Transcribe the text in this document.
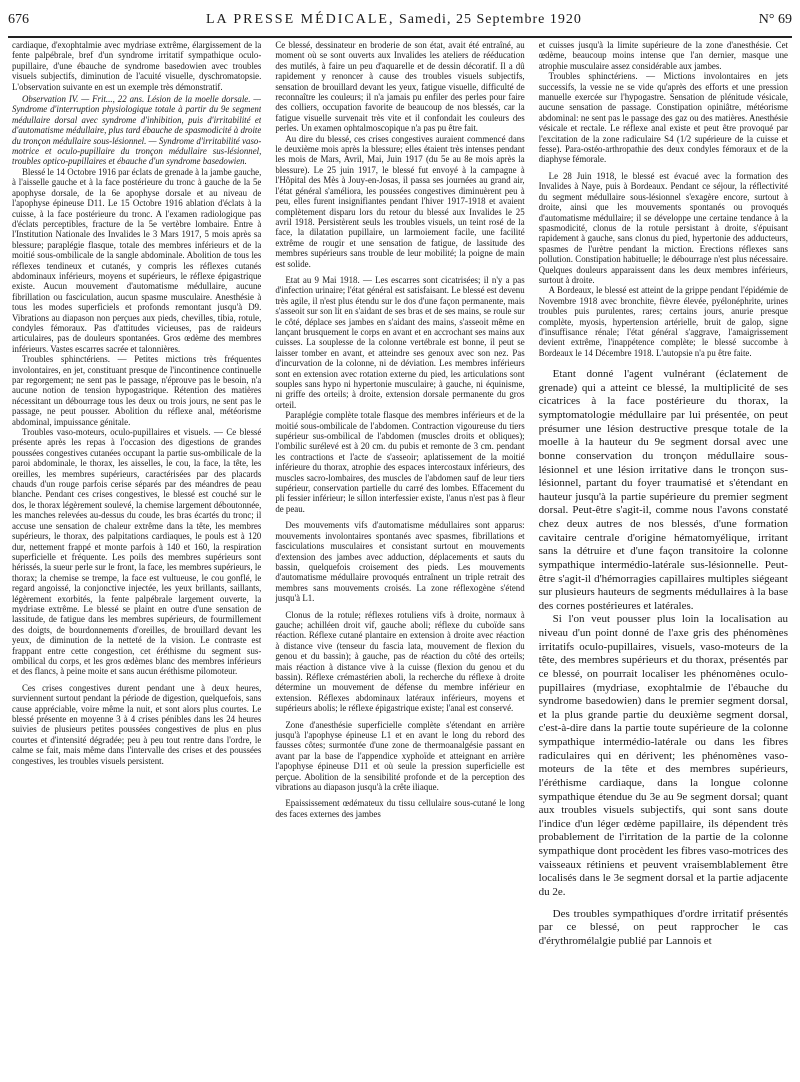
676	LA PRESSE MÉDICALE, Samedi, 25 Septembre 1920	N° 69

cardiaque, d'exophtalmie avec mydriase extrême, élargissement de la fente palpébrale, bref d'un syndrome irritatif sympathique oculo-pupillaire, d'une ébauche de syndrome basedowien avec troubles visuels subjectifs, diminution de l'acuité visuelle, dyschromatopsie. L'observation suivante en est un exemple très démonstratif.

Observation IV. — Frit..., 22 ans. Lésion de la moelle dorsale. — Syndrome d'interruption physiologique totale à partir du 9e segment médullaire dorsal avec syndrome d'inhibition, puis d'irritabilité et d'automatisme médullaire, plus tard ébauche de spasmodicité à droite du tronçon médullaire sous-lésionnel. — Syndrome d'irritabilité vaso-motrice et oculo-pupillaire du tronçon médullaire sus-lésionnel, troubles optico-pupillaires et ébauche d'un syndrome basedowien.

Blessé le 14 Octobre 1916 par éclats de grenade à la jambe gauche, à l'aisselle gauche et à la face postérieure du tronc à gauche de la 5e apophyse dorsale, de la 6e apophyse dorsale et au niveau de l'apophyse épineuse D11. Le 15 Octobre 1916 ablation d'éclats à la cuisse, à la face postérieure du tronc. A l'examen radiologique pas d'éclats perceptibles, fracture de la 5e vertèbre lombaire. Entre à l'Institution Nationale des Invalides le 3 Mars 1917, 5 mois après sa blessure; paraplégie flasque, totale des membres inférieurs et de la moitié sous-ombilicale de la sangle abdominale. Abolition de tous les réflexes tendineux et cutanés, y compris les réflexes cutanés abdominaux inférieurs, moyens et supérieurs, le réflexe épigastrique existe. Aucun mouvement d'automatisme médullaire, aucune fibrillation ou fasciculation, aucun spasme musculaire. Anesthésie à tous les modes superficiels et profonds remontant jusqu'à D9. Vibrations au diapason non perçues aux pieds, chevilles, tibia, rotule, condyles fémoraux. Pas d'attitudes vicieuses, pas de raideurs articulaires, pas de douleurs spontanées. Gros œdème des membres inférieurs. Vastes escarres sacrée et talonnières.

Troubles sphinctériens. — Petites mictions très fréquentes involontaires, en jet, constituant presque de l'incontinence continuelle par regorgement; ne sent pas le passage, n'éprouve pas le besoin, n'a aucune notion de tension hypogastrique. Rétention des matières nécessitant un débourrage tous les deux ou trois jours, ne sent pas le passage, ne peut pousser. Abolition du réflexe anal, météorisme abdominal, impuissance génitale.

Troubles vaso-moteurs, oculo-pupillaires et visuels. — Ce blessé présente après les repas à l'occasion des digestions de grandes poussées congestives cutanées occupant la partie sus-ombilicale de la paroi abdominale, le thorax, les aisselles, le cou, la face, la tête, les oreilles, les membres supérieurs, caractérisées par des placards chauds d'un rouge parfois cerise séparés par des méandres de peau blanche. Pendant ces crises congestives, le blessé est couché sur le dos, le thorax légèrement soulevé, la chemise largement déboutonnée, les manches relevées au-dessus du coude, les bras écartés du tronc; il accuse une sensation de chaleur extrême dans la tête, les membres supérieurs, le thorax, des palpitations cardiaques, le pouls est à 120 dur, nettement frappé et monte parfois à 140 et 160, la respiration superficielle et fréquente. Les poils des membres supérieurs sont hérissés, la sueur perle sur le front, la face, les membres supérieurs, le thorax; la chemise se trempe, la face est vultueuse, le cou gonflé, le regard angoissé, la conjonctive injectée, les yeux brillants, saillants, légèrement exorbités, la fente palpébrale largement ouverte, la mydriase extrême. Le blessé se plaint en outre d'une sensation de lassitude, de fatigue dans les membres supérieurs, de fourmillement des doigts, de bourdonnements d'oreilles, de brouillard devant les yeux, de diminution de la netteté de la vision. Le contraste est frappant entre cette congestion, cet éréthisme du segment sus-ombilical du corps, et les gros œdèmes blanc des membres inférieurs et des flancs, à peine moite et sans aucun éréthisme pilomoteur.

Ces crises congestives durent pendant une à deux heures, surviennent surtout pendant la période de digestion, quelquefois, sans cause appréciable, voire même la nuit, et sont alors plus courtes. Le blessé présente en moyenne 3 à 4 crises pénibles dans les 24 heures suivies de plusieurs petites poussées congestives de plus en plus courtes et d'intensité dégradée; peu à peu tout rentre dans l'ordre, le calme se fait, mais même dans l'intervalle des crises et des poussées congestives, les troubles visuels persistent.

Ce blessé, dessinateur en broderie de son état, avait été entraîné, au moment où se sont ouverts aux Invalides les ateliers de rééducation des mutilés, à faire un peu d'aquarelle et de dessin décoratif. Il a dû rapidement y renoncer à cause des troubles visuels subjectifs, sensation de brouillard devant les yeux, fatigue visuelle, difficulté de reconnaître les couleurs; il n'a jamais pu enfiler des perles pour faire des colliers, occupation favorite de beaucoup de nos blessés, car la fatigue visuelle survenait très vite et il confondait les couleurs des perles. Un examen ophtalmoscopique n'a pas pu être fait.

Au dire du blessé, ces crises congestives auraient commencé dans le deuxième mois après la blessure; elles étaient très intenses pendant les mois de Mars, Avril, Mai, Juin 1917 (du 5e au 8e mois après la blessure). Le 25 juin 1917, le blessé fut envoyé à la campagne à l'Hôpital des Mès à Jouy-en-Josas, il passa ses journées au grand air, l'état général s'améliora, les poussées congestives diminuèrent peu à peu, elles furent insignifiantes pendant l'hiver 1917-1918 et avaient complètement disparu lors du retour du blessé aux Invalides le 25 avril 1918. Persistèrent seuls les troubles visuels, un teint rosé de la face, la dilatation pupillaire, un larmoiement facile, une facilité extrême de rougir et une sensation de fatigue, de lassitude des membres supérieurs sans trouble de leur mobilité; la poigne de main est solide.

Etat au 9 Mai 1918. — Les escarres sont cicatrisées; il n'y a pas d'infection urinaire; l'état général est satisfaisant. Le blessé est devenu très agile, il n'est plus étendu sur le dos d'une façon permanente, mais s'asseoit sur son lit en s'aidant de ses bras et de ses mains, se roule sur le côté, déplace ses jambes en s'aidant des mains, s'asseoit même en lançant brusquement le corps en avant et en accrochant ses mains aux cuisses. La souplesse de la colonne vertébrale est bonne, il peut se laisser tomber en avant, et atteindre ses genoux avec son nez. Pas d'incurvation de la colonne, ni de déviation. Les membres inférieurs sont en extension avec rotation externe du pied, les articulations sont souples sans hypo ni hypertonie musculaire; à gauche, ni équinisme, ni griffe des orteils; à droite, extension dorsale permanente du gros orteil.

Paraplégie complète totale flasque des membres inférieurs et de la moitié sous-ombilicale de l'abdomen. Contraction vigoureuse du tiers supérieur sus-ombilical de l'abdomen (muscles droits et obliques); l'ombilic surélevé est à 20 cm. du pubis et remonte de 3 cm. pendant les contractions et l'acte de s'asseoir; aplatissement de la moitié inférieure du thorax, atrophie des espaces intercostaux inférieurs, des muscles sacro-lombaires, des muscles de l'abdomen sauf de leur tiers supérieur, conservation partielle du carré des lombes. Effacement du pli fessier inférieur; le sillon interfessier existe, l'anus n'est pas à fleur de peau.

Des mouvements vifs d'automatisme médullaires sont apparus: mouvements involontaires spontanés avec spasmes, fibrillations et fasciculations musculaires et consistant surtout en mouvements d'extension des jambes avec adduction, déplacements et sauts du bassin, quelquefois croisement des pieds. Les mouvements d'automatisme médullaire provoqués entraînent un triple retrait des membres sans mouvements croisés. La zone réflexogène s'étend jusqu'à L1.

Clonus de la rotule; réflexes rotuliens vifs à droite, normaux à gauche; achilléen droit vif, gauche aboli; réflexe du cuboïde sans réaction. Réflexe cutané plantaire en extension à droite avec réaction à distance vive (tenseur du fascia lata, mouvement de flexion du genou et du bassin); à gauche, pas de réaction du côté des orteils; mais réaction à distance vive à la cuisse (flexion du genou et du bassin). Réflexe crémastérien aboli, la recherche du réflexe à droite détermine un mouvement de défense du membre inférieur en extension. Réflexes abdominaux latéraux inférieurs, moyens et supérieurs abolis; le réflexe épigastrique existe; l'anal est conservé.

Zone d'anesthésie superficielle complète s'étendant en arrière jusqu'à l'apophyse épineuse L1 et en avant le long du rebord des fausses côtes; surmontée d'une zone de thermoanalgésie passant en avant par la base de l'appendice xyphoïde et atteignant en arrière l'apophyse épineuse D11 et où seule la pression superficielle est perçue. Abolition de la sensibilité profonde et de la perception des vibrations au diapason jusqu'à la crête iliaque.

Epaississement œdémateux du tissu cellulaire sous-cutané le long des faces externes des jambes

et cuisses jusqu'à la limite supérieure de la zone d'anesthésie. Cet œdème, beaucoup moins intense que l'an dernier, masque une atrophie musculaire assez considérable aux jambes.

Troubles sphinctériens. — Mictions involontaires en jets successifs, la vessie ne se vide qu'après des efforts et une pression manuelle exercée sur l'hypogastre. Sensation de plénitude vésicale, aucune sensation de passage. Constipation opiniâtre, météorisme abdominal: ne sent pas le passage des gaz ou des matières. Anesthésie vésicale et rectale. Le réflexe anal existe et peut être provoqué par l'excitation de la zone radiculaire S4 (1/2 supérieure de la cuisse et fesse). Para-ostéo-arthropathie des deux condyles fémoraux et de la diaphyse fémorale.

Le 28 Juin 1918, le blessé est évacué avec la formation des Invalides à Naye, puis à Bordeaux. Pendant ce séjour, la réflectivité du segment médullaire sous-lésionnel s'exagère encore, surtout à droite, ainsi que les mouvements spontanés ou provoqués d'automatisme médullaire; il se développe une certaine tendance à la spasmodicité, clonus de la rotule persistant à droite, s'épuisant rapidement à gauche, sans clonus du pied, hypertonie des adducteurs, spasmes de l'urètre pendant la miction. Erections réflexes sans pollution. Constipation habituelle; le débourrage n'est plus nécessaire. Quelques douleurs apparaissent dans les deux membres inférieurs, surtout à droite.

A Bordeaux, le blessé est atteint de la grippe pendant l'épidémie de Novembre 1918 avec bronchite, fièvre élevée, pyélonéphrite, urines troubles puis purulentes, rares; certains jours, anurie presque complète, myosis, hypertension artérielle, bruit de galop, signe d'insuffisance rénale; l'état général s'aggrave, l'amaigrissement devient extrême, l'inappétence complète; le blessé succombe à Bordeaux le 14 Décembre 1918. L'autopsie n'a pu être faite.

Etant donné l'agent vulnérant (éclatement de grenade) qui a atteint ce blessé, la multiplicité de ses cicatrices à la face postérieure du thorax, la symptomatologie médullaire par lui présentée, on peut présumer une lésion destructive presque totale de la moelle à la hauteur du 9e segment dorsal avec une bonne conservation du tronçon médullaire sous-lésionnel et une lésion irritative dans le tronçon sus-lésionnel, partant du foyer traumatisé et s'étendant en hauteur jusqu'à la partie supérieure du premier segment dorsal. Peut-être s'agit-il, comme nous l'avons constaté chez deux autres de nos blessés, d'une formation cavitaire centrale d'origine hématomyélique, irritant sans la détruire et d'une façon transitoire la colonne sympathique intermédio-latérale sus-lésionnelle. Peut-être s'agit-il d'hémorragies capillaires multiples siégeant sur plusieurs hauteurs de segments médullaires à la base des cornes postérieures et latérales.

Si l'on veut pousser plus loin la localisation au niveau d'un point donné de l'axe gris des phénomènes irritatifs oculo-pupillaires, visuels, vaso-moteurs de la tête, des membres supérieurs et du thorax, présentés par ce blessé, on pourrait localiser les phénomènes oculo-pupillaires (mydriase, exophtalmie de l'ébauche du syndrome basedowien) dans le premier segment dorsal, et la plus grande partie du deuxième segment dorsal, c'est-à-dire dans la partie toute supérieure de la colonne sympathique intermédio-latérale ou dans les fibres radiculaires qui en dérivent; les phénomènes vaso-moteurs de la tête et des membres supérieurs, l'éréthisme cardiaque, dans la longue colonne sympathique étendue du 3e au 9e segment dorsal; quant aux troubles visuels subjectifs, qui sont sans doute l'indice d'un léger œdème papillaire, ils dépendent très probablement de l'irritation de la partie de la colonne sympathique dont procèdent les fibres vaso-motrices des vaisseaux rétiniens et peuvent vraisemblablement être localisés dans le 3e segment dorsal et la partie adjacente du 2e.

Des troubles sympathiques d'ordre irritatif présentés par ce blessé, on peut rapprocher le cas d'érythromélalgie publié par Lannois et
